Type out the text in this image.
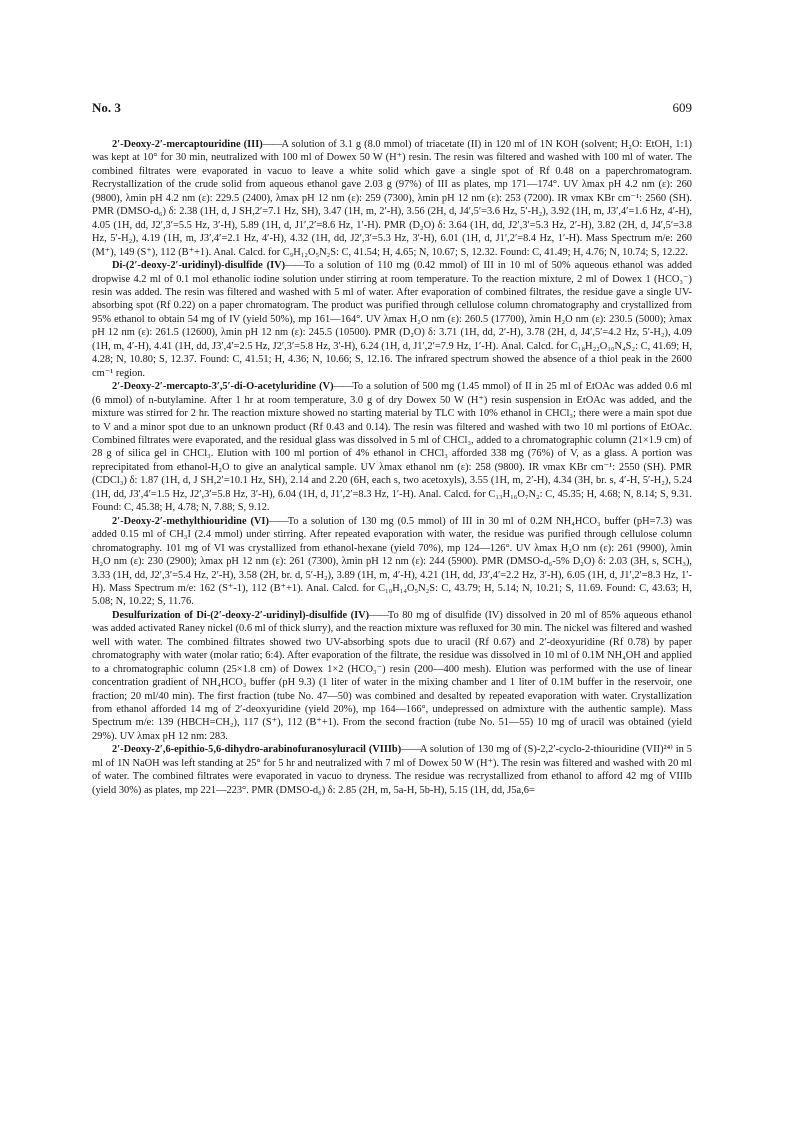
No. 3	609

2′-Deoxy-2′-mercaptouridine (III)——A solution of 3.1 g (8.0 mmol) of triacetate (II) in 120 ml of 1N KOH (solvent; H₂O: EtOH, 1:1) was kept at 10° for 30 min, neutralized with 100 ml of Dowex 50 W (H⁺) resin. The resin was filtered and washed with 100 ml of water. The combined filtrates were evaporated in vacuo to leave a white solid which gave a single spot of Rf 0.48 on a paperchromatogram. Recrystallization of the crude solid from aqueous ethanol gave 2.03 g (97%) of III as plates, mp 171—174°. UV λmax pH 4.2 nm (ε): 260 (9800), λmin pH 4.2 nm (ε): 229.5 (2400), λmax pH 12 nm (ε): 259 (7300), λmin pH 12 nm (ε): 253 (7200). IR νmax KBr cm⁻¹: 2560 (SH). PMR (DMSO-d₆) δ: 2.38 (1H, d, J SH,2′=7.1 Hz, SH), 3.47 (1H, m, 2′-H), 3.56 (2H, d, J4′,5′=3.6 Hz, 5′-H₂), 3.92 (1H, m, J3′,4′=1.6 Hz, 4′-H), 4.05 (1H, dd, J2′,3′=5.5 Hz, 3′-H), 5.89 (1H, d, J1′,2′=8.6 Hz, 1′-H). PMR (D₂O) δ: 3.64 (1H, dd, J2′,3′=5.3 Hz, 2′-H), 3.82 (2H, d, J4′,5′=3.8 Hz, 5′-H₂), 4.19 (1H, m, J3′,4′=2.1 Hz, 4′-H), 4.32 (1H, dd, J2′,3′=5.3 Hz, 3′-H), 6.01 (1H, d, J1′,2′=8.4 Hz, 1′-H). Mass Spectrum m/e: 260 (M⁺), 149 (S⁺), 112 (B⁺+1). Anal. Calcd. for C₉H₁₂O₅N₂S: C, 41.54; H, 4.65; N, 10.67; S, 12.32. Found: C, 41.49; H, 4.76; N, 10.74; S, 12.22.

Di-(2′-deoxy-2′-uridinyl)-disulfide (IV)——To a solution of 110 mg (0.42 mmol) of III in 10 ml of 50% aqueous ethanol was added dropwise 4.2 ml of 0.1 mol ethanolic iodine solution under stirring at room temperature. To the reaction mixture, 2 ml of Dowex 1 (HCO₃⁻) resin was added. The resin was filtered and washed with 5 ml of water. After evaporation of combined filtrates, the residue gave a single UV-absorbing spot (Rf 0.22) on a paper chromatogram. The product was purified through cellulose column chromatography and crystallized from 95% ethanol to obtain 54 mg of IV (yield 50%), mp 161—164°. UV λmax H₂O nm (ε): 260.5 (17700), λmin H₂O nm (ε): 230.5 (5000); λmax pH 12 nm (ε): 261.5 (12600), λmin pH 12 nm (ε): 245.5 (10500). PMR (D₂O) δ: 3.71 (1H, dd, 2′-H), 3.78 (2H, d, J4′,5′=4.2 Hz, 5′-H₂), 4.09 (1H, m, 4′-H), 4.41 (1H, dd, J3′,4′=2.5 Hz, J2′,3′=5.8 Hz, 3′-H), 6.24 (1H, d, J1′,2′=7.9 Hz, 1′-H). Anal. Calcd. for C₁₈H₂₂O₁₀N₄S₂: C, 41.69; H, 4.28; N, 10.80; S, 12.37. Found: C, 41.51; H, 4.36; N, 10.66; S, 12.16. The infrared spectrum showed the absence of a thiol peak in the 2600 cm⁻¹ region.

2′-Deoxy-2′-mercapto-3′,5′-di-O-acetyluridine (V)——To a solution of 500 mg (1.45 mmol) of II in 25 ml of EtOAc was added 0.6 ml (6 mmol) of n-butylamine. After 1 hr at room temperature, 3.0 g of dry Dowex 50 W (H⁺) resin suspension in EtOAc was added, and the mixture was stirred for 2 hr. The reaction mixture showed no starting material by TLC with 10% ethanol in CHCl₃; there were a main spot due to V and a minor spot due to an unknown product (Rf 0.43 and 0.14). The resin was filtered and washed with two 10 ml portions of EtOAc. Combined filtrates were evaporated, and the residual glass was dissolved in 5 ml of CHCl₃, added to a chromatographic column (21×1.9 cm) of 28 g of silica gel in CHCl₃. Elution with 100 ml portion of 4% ethanol in CHCl₃ afforded 338 mg (76%) of V, as a glass. A portion was reprecipitated from ethanol-H₂O to give an analytical sample. UV λmax ethanol nm (ε): 258 (9800). IR νmax KBr cm⁻¹: 2550 (SH). PMR (CDCl₃) δ: 1.87 (1H, d, J SH,2′=10.1 Hz, SH), 2.14 and 2.20 (6H, each s, two acetoxyls), 3.55 (1H, m, 2′-H), 4.34 (3H, br. s, 4′-H, 5′-H₂), 5.24 (1H, dd, J3′,4′=1.5 Hz, J2′,3′=5.8 Hz, 3′-H), 6.04 (1H, d, J1′,2′=8.3 Hz, 1′-H). Anal. Calcd. for C₁₃H₁₆O₇N₂: C, 45.35; H, 4.68; N, 8.14; S, 9.31. Found: C, 45.38; H, 4.78; N, 7.88; S, 9.12.

2′-Deoxy-2′-methylthiouridine (VI)——To a solution of 130 mg (0.5 mmol) of III in 30 ml of 0.2M NH₄HCO₃ buffer (pH=7.3) was added 0.15 ml of CH₃I (2.4 mmol) under stirring. After repeated evaporation with water, the residue was purified through cellulose column chromatography. 101 mg of VI was crystallized from ethanol-hexane (yield 70%), mp 124—126°. UV λmax H₂O nm (ε): 261 (9900), λmin H₂O nm (ε): 230 (2900); λmax pH 12 nm (ε): 261 (7300), λmin pH 12 nm (ε): 244 (5900). PMR (DMSO-d₆-5% D₂O) δ: 2.03 (3H, s, SCH₃), 3.33 (1H, dd, J2′,3′=5.4 Hz, 2′-H), 3.58 (2H, br. d, 5′-H₂), 3.89 (1H, m, 4′-H), 4.21 (1H, dd, J3′,4′=2.2 Hz, 3′-H), 6.05 (1H, d, J1′,2′=8.3 Hz, 1′-H). Mass Spectrum m/e: 162 (S⁺-1), 112 (B⁺+1). Anal. Calcd. for C₁₀H₁₄O₅N₂S: C, 43.79; H, 5.14; N, 10.21; S, 11.69. Found: C, 43.63; H, 5.08; N, 10.22; S, 11.76.

Desulfurization of Di-(2′-deoxy-2′-uridinyl)-disulfide (IV)——To 80 mg of disulfide (IV) dissolved in 20 ml of 85% aqueous ethanol was added activated Raney nickel (0.6 ml of thick slurry), and the reaction mixture was refluxed for 30 min. The nickel was filtered and washed well with water. The combined filtrates showed two UV-absorbing spots due to uracil (Rf 0.67) and 2′-deoxyuridine (Rf 0.78) by paper chromatography with water (molar ratio; 6:4). After evaporation of the filtrate, the residue was dissolved in 10 ml of 0.1M NH₄OH and applied to a chromatographic column (25×1.8 cm) of Dowex 1×2 (HCO₃⁻) resin (200—400 mesh). Elution was performed with the use of linear concentration gradient of NH₄HCO₃ buffer (pH 9.3) (1 liter of water in the mixing chamber and 1 liter of 0.1M buffer in the reservoir, one fraction; 20 ml/40 min). The first fraction (tube No. 47—50) was combined and desalted by repeated evaporation with water. Crystallization from ethanol afforded 14 mg of 2′-deoxyuridine (yield 20%), mp 164—166°, undepressed on admixture with the authentic sample). Mass Spectrum m/e: 139 (HBCH=CH₂), 117 (S⁺), 112 (B⁺+1). From the second fraction (tube No. 51—55) 10 mg of uracil was obtained (yield 29%). UV λmax pH 12 nm: 283.

2′-Deoxy-2′,6-epithio-5,6-dihydro-arabinofuranosyluracil (VIIIb)——A solution of 130 mg of (S)-2,2′-cyclo-2-thiouridine (VII)²⁴⁾ in 5 ml of 1N NaOH was left standing at 25° for 5 hr and neutralized with 7 ml of Dowex 50 W (H⁺). The resin was filtered and washed with 20 ml of water. The combined filtrates were evaporated in vacuo to dryness. The residue was recrystallized from ethanol to afford 42 mg of VIIIb (yield 30%) as plates, mp 221—223°. PMR (DMSO-d₆) δ: 2.85 (2H, m, 5a-H, 5b-H), 5.15 (1H, dd, J5a,6=
